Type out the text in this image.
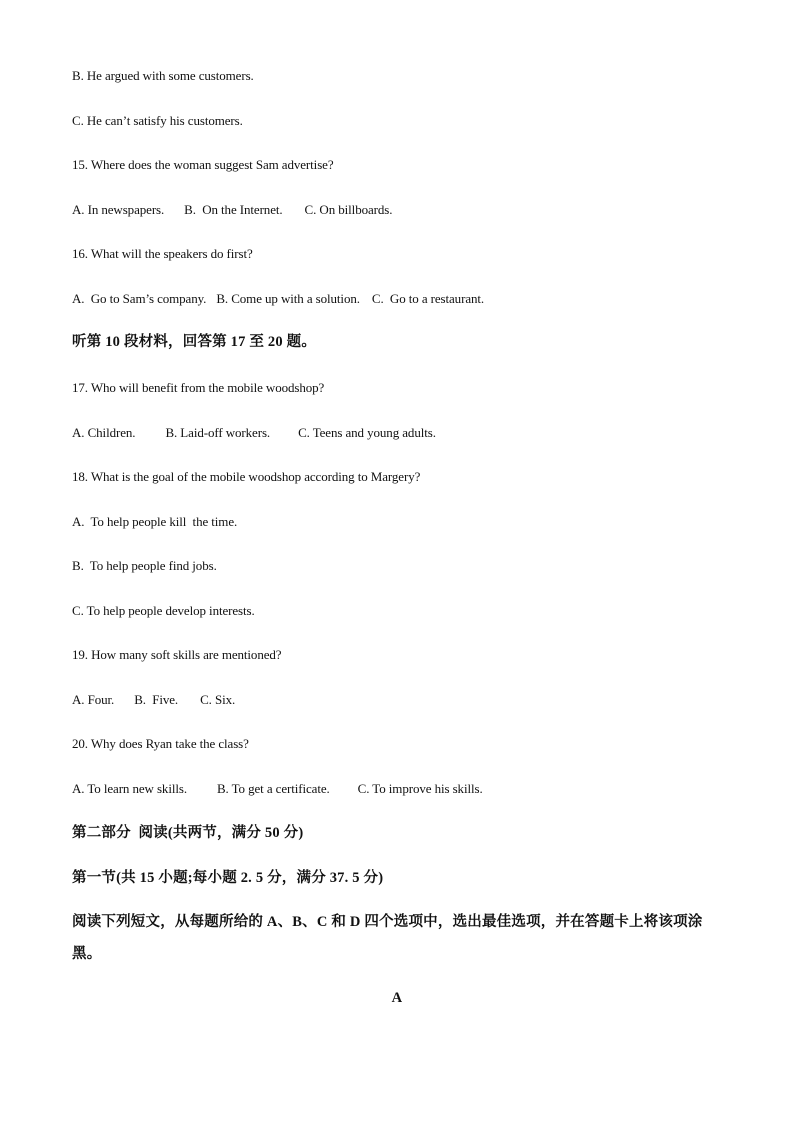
B. He argued with some customers.
C. He can’t satisfy his customers.
15. Where does the woman suggest Sam advertise?
A. In newspapers. B.  On the Internet. C. On billboards.
16. What will the speakers do first?
A.  Go to Sam’s company. B. Come up with a solution. C.  Go to a restaurant.
听第 10 段材料，回答第 17 至 20 题。
17. Who will benefit from the mobile woodshop?
A. Children. B. Laid-off workers. C. Teens and young adults.
18. What is the goal of the mobile woodshop according to Margery?
A.  To help people kill  the time.
B.  To help people find jobs.
C. To help people develop interests.
19. How many soft skills are mentioned?
A. Four. B.  Five. C. Six.
20. Why does Ryan take the class?
A. To learn new skills. B. To get a certificate. C. To improve his skills.
第二部分  阅读(共两节，满分 50 分)
第一节(共 15 小题;每小题 2. 5 分，满分 37. 5 分)
阅读下列短文，从每题所给的 A、B、C 和 D 四个选项中，选出最佳选项，并在答题卡上将该项涂黑。
A
